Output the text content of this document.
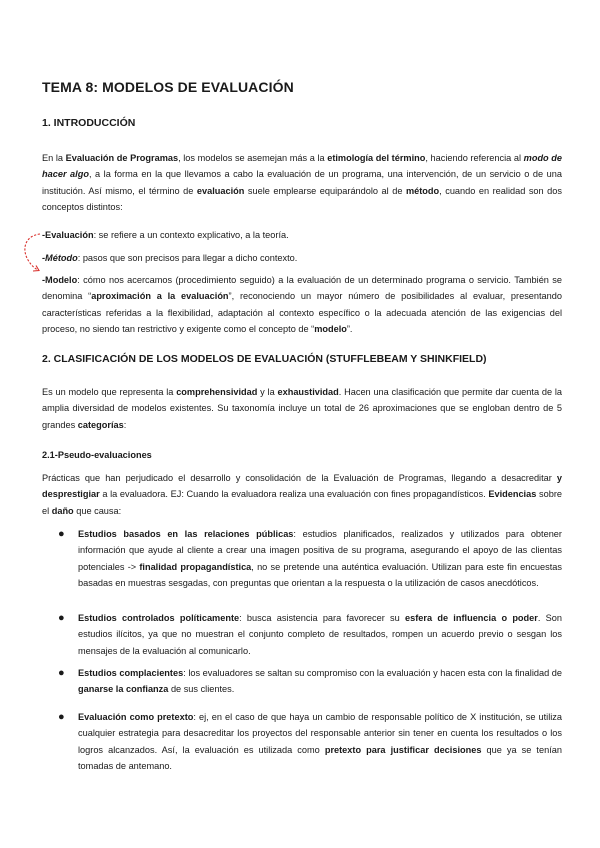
TEMA 8: MODELOS DE EVALUACIÓN
1. INTRODUCCIÓN

En la Evaluación de Programas, los modelos se asemejan más a la etimología del término, haciendo referencia al modo de hacer algo, a la forma en la que llevamos a cabo la evaluación de un programa, una intervención, de un servicio o de una institución. Así mismo, el término de evaluación suele emplearse equiparándolo al de método, cuando en realidad son dos conceptos distintos:

-Evaluación: se refiere a un contexto explicativo, a la teoría.

-Método: pasos que son precisos para llegar a dicho contexto.

-Modelo: cómo nos acercamos (procedimiento seguido) a la evaluación de un determinado programa o servicio. También se denomina “aproximación a la evaluación”, reconociendo un mayor número de posibilidades al evaluar, presentando características referidas a la flexibilidad, adaptación al contexto específico o la adecuada atención de las exigencias del proceso, no siendo tan restrictivo y exigente como el concepto de “modelo”.

2. CLASIFICACIÓN DE LOS MODELOS DE EVALUACIÓN (STUFFLEBEAM Y SHINKFIELD)

Es un modelo que representa la comprehensividad y la exhaustividad. Hacen una clasificación que permite dar cuenta de la amplia diversidad de modelos existentes. Su taxonomía incluye un total de 26 aproximaciones que se engloban dentro de 5 grandes categorías:

2.1-Pseudo-evaluaciones

Prácticas que han perjudicado el desarrollo y consolidación de la Evaluación de Programas, llegando a desacreditar y desprestigiar a la evaluadora. EJ: Cuando la evaluadora realiza una evaluación con fines propagandísticos. Evidencias sobre el daño que causa:

● Estudios basados en las relaciones públicas: estudios planificados, realizados y utilizados para obtener información que ayude al cliente a crear una imagen positiva de su programa, asegurando el apoyo de las clientas potenciales -> finalidad propagandística, no se pretende una auténtica evaluación. Utilizan para este fin encuestas basadas en muestras sesgadas, con preguntas que orientan a la respuesta o la utilización de casos anecdóticos.

● Estudios controlados políticamente: busca asistencia para favorecer su esfera de influencia o poder. Son estudios ilícitos, ya que no muestran el conjunto completo de resultados, rompen un acuerdo previo o sesgan los mensajes de la evaluación al comunicarlo.

● Estudios complacientes: los evaluadores se saltan su compromiso con la evaluación y hacen esta con la finalidad de ganarse la confianza de sus clientes.

● Evaluación como pretexto: ej, en el caso de que haya un cambio de responsable político de X institución, se utiliza cualquier estrategia para desacreditar los proyectos del responsable anterior sin tener en cuenta los resultados o los logros alcanzados. Así, la evaluación es utilizada como pretexto para justificar decisiones que ya se tenían tomadas de antemano.
